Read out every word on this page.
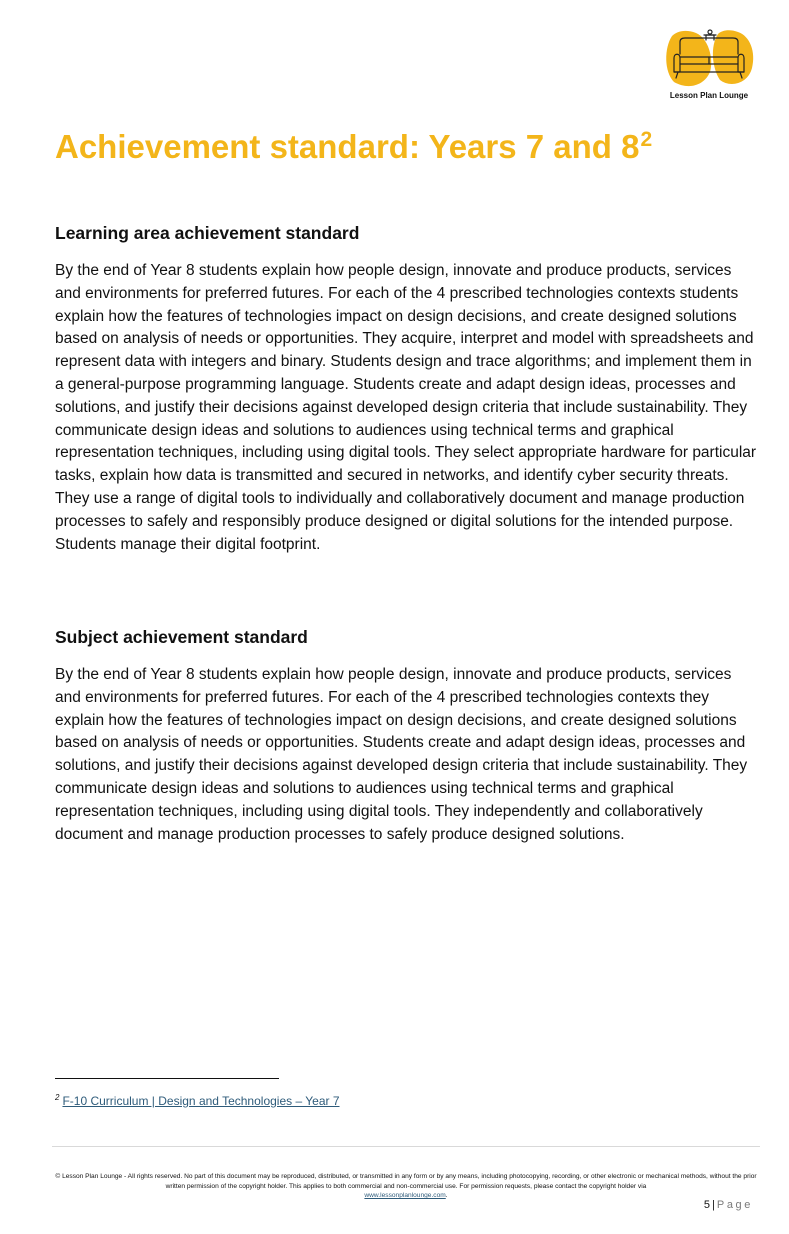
Lesson Plan Lounge
Achievement standard: Years 7 and $8^2$
Learning area achievement standard

By the end of Year 8 students explain how people design, innovate and produce products, services and environments for preferred futures. For each of the 4 prescribed technologies contexts students explain how the features of technologies impact on design decisions, and create designed solutions based on analysis of needs or opportunities. They acquire, interpret and model with spreadsheets and represent data with integers and binary. Students design and trace algorithms; and implement them in a general-purpose programming language. Students create and adapt design ideas, processes and solutions, and justify their decisions against developed design criteria that include sustainability. They communicate design ideas and solutions to audiences using technical terms and graphical representation techniques, including using digital tools. They select appropriate hardware for particular tasks, explain how data is transmitted and secured in networks, and identify cyber security threats. They use a range of digital tools to individually and collaboratively document and manage production processes to safely and responsibly produce designed or digital solutions for the intended purpose. Students manage their digital footprint.

Subject achievement standard

By the end of Year 8 students explain how people design, innovate and produce products, services and environments for preferred futures. For each of the 4 prescribed technologies contexts they explain how the features of technologies impact on design decisions, and create designed solutions based on analysis of needs or opportunities. Students create and adapt design ideas, processes and solutions, and justify their decisions against developed design criteria that include sustainability. They communicate design ideas and solutions to audiences using technical terms and graphical representation techniques, including using digital tools. They independently and collaboratively document and manage production processes to safely produce designed solutions.

$^2$ F-10 Curriculum | Design and Technologies – Year 7
© Lesson Plan Lounge - All rights reserved. No part of this document may be reproduced, distributed, or transmitted in any form or by any means, including photocopying, recording, or other electronic or mechanical methods, without the prior written permission of the copyright holder. This applies to both commercial and non-commercial use. For permission requests, please contact the copyright holder via
www.lessonplanlounge.com.
5 | Page
